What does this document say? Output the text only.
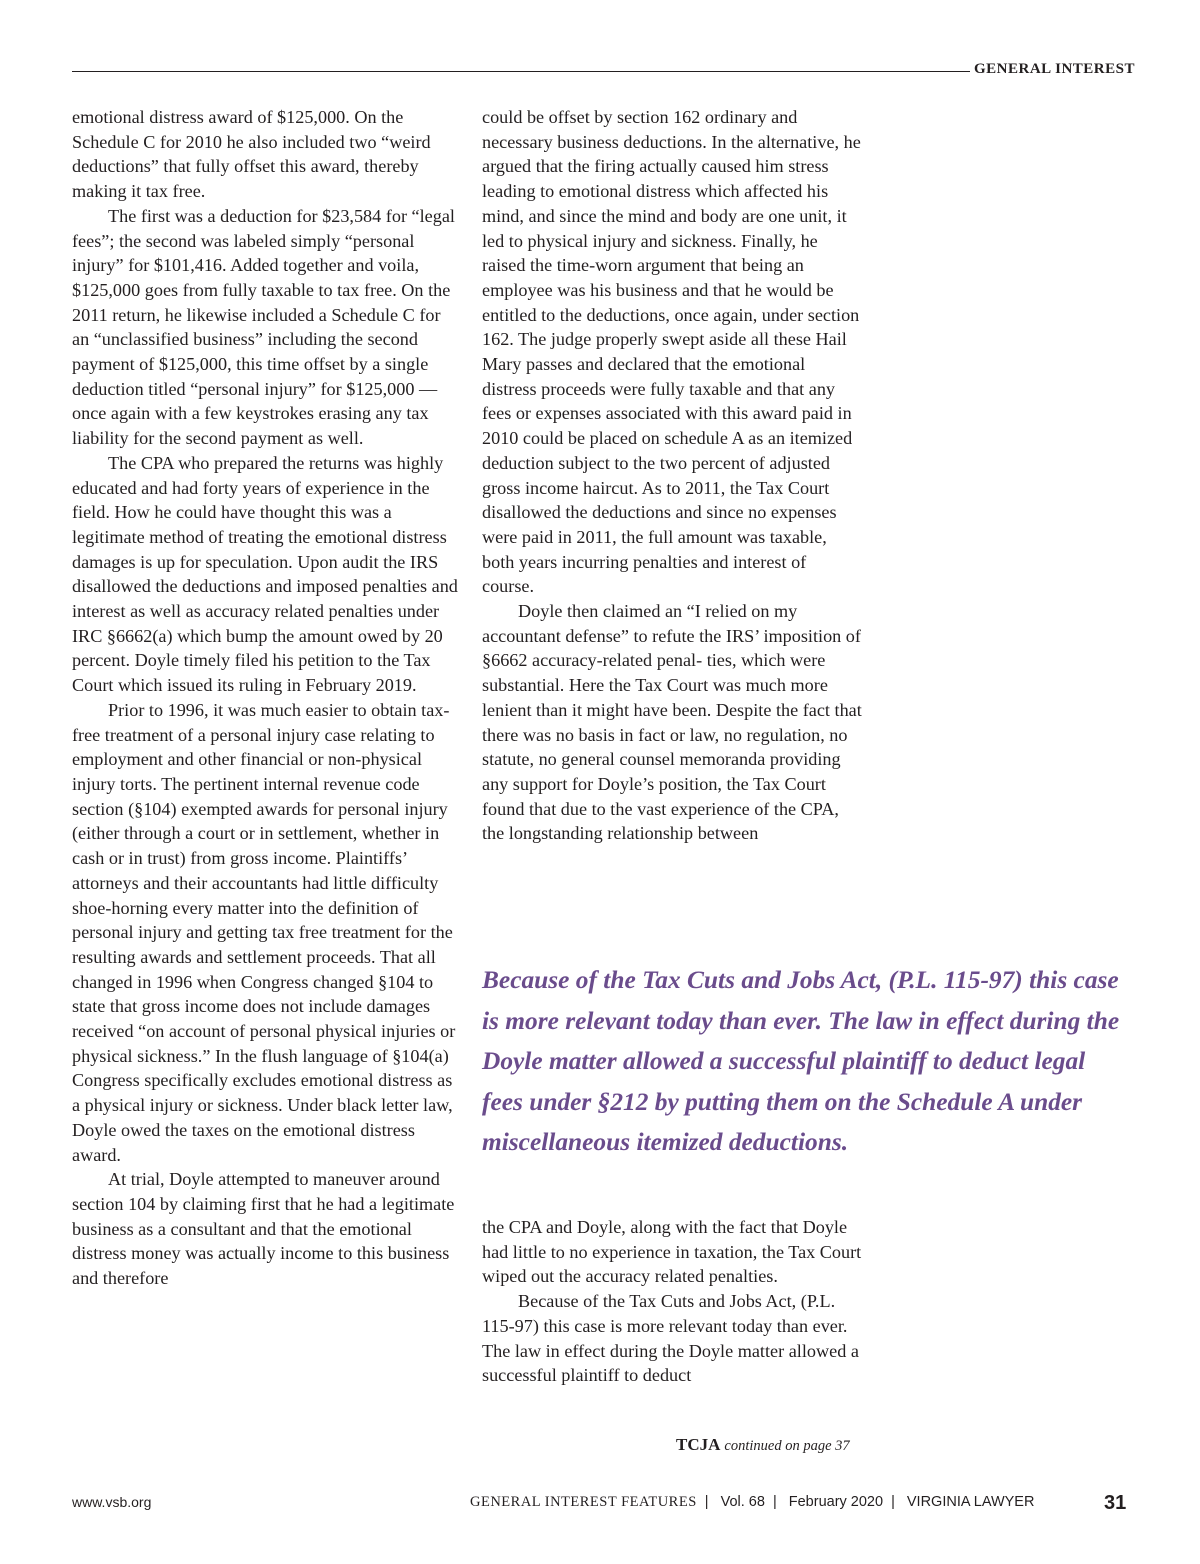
GENERAL INTEREST

emotional distress award of $125,000. On the Schedule C for 2010 he also included two “weird deductions” that fully offset this award, thereby making it tax free.

The first was a deduction for $23,584 for “legal fees”; the second was labeled simply “personal injury” for $101,416. Added together and voila, $125,000 goes from fully taxable to tax free. On the 2011 return, he likewise included a Schedule C for an “unclassified business” including the second payment of $125,000, this time offset by a single deduction titled “personal injury” for $125,000 — once again with a few keystrokes erasing any tax liability for the second payment as well.

The CPA who prepared the returns was highly educated and had forty years of experience in the field. How he could have thought this was a legitimate method of treating the emotional distress damages is up for speculation. Upon audit the IRS disallowed the deductions and imposed penalties and interest as well as accuracy related penalties under IRC §6662(a) which bump the amount owed by 20 percent. Doyle timely filed his petition to the Tax Court which issued its ruling in February 2019.

Prior to 1996, it was much easier to obtain tax-free treatment of a personal injury case relating to employment and other financial or non-physical injury torts. The pertinent internal revenue code section (§104) exempted awards for personal injury (either through a court or in settlement, whether in cash or in trust) from gross income. Plaintiffs’ attorneys and their accountants had little difficulty shoe-horning every matter into the definition of personal injury and getting tax free treatment for the resulting awards and settlement proceeds. That all changed in 1996 when Congress changed §104 to state that gross income does not include damages received “on account of personal physical injuries or physical sickness.” In the flush language of §104(a) Congress specifically excludes emotional distress as a physical injury or sickness. Under black letter law, Doyle owed the taxes on the emotional distress award.

At trial, Doyle attempted to maneuver around section 104 by claiming first that he had a legitimate business as a consultant and that the emotional distress money was actually income to this business and therefore

could be offset by section 162 ordinary and necessary business deductions. In the alternative, he argued that the firing actually caused him stress leading to emotional distress which affected his mind, and since the mind and body are one unit, it led to physical injury and sickness. Finally, he raised the time-worn argument that being an employee was his business and that he would be entitled to the deductions, once again, under section 162. The judge properly swept aside all these Hail Mary passes and declared that the emotional distress proceeds were fully taxable and that any fees or expenses associated with this award paid in 2010 could be placed on schedule A as an itemized deduction subject to the two percent of adjusted gross income haircut. As to 2011, the Tax Court disallowed the deductions and since no expenses were paid in 2011, the full amount was taxable, both years incurring penalties and interest of course.

Doyle then claimed an “I relied on my accountant defense” to refute the IRS’ imposition of §6662 accuracy-related penal- ties, which were substantial. Here the Tax Court was much more lenient than it might have been. Despite the fact that there was no basis in fact or law, no regulation, no statute, no general counsel memoranda providing any support for Doyle’s position, the Tax Court found that due to the vast experience of the CPA, the longstanding relationship between

Because of the Tax Cuts and Jobs Act, (P.L. 115-97) this case is more relevant today than ever. The law in effect during the Doyle matter allowed a successful plaintiff to deduct legal fees under §212 by putting them on the Schedule A under miscellaneous itemized deductions.

the CPA and Doyle, along with the fact that Doyle had little to no experience in taxation, the Tax Court wiped out the accuracy related penalties.

Because of the Tax Cuts and Jobs Act, (P.L. 115-97) this case is more relevant today than ever. The law in effect during the Doyle matter allowed a successful plaintiff to deduct

TCJA continued on page 37
www.vsb.org	GENERAL INTEREST FEATURES | Vol. 68 | February 2020 | VIRGINIA LAWYER	31
